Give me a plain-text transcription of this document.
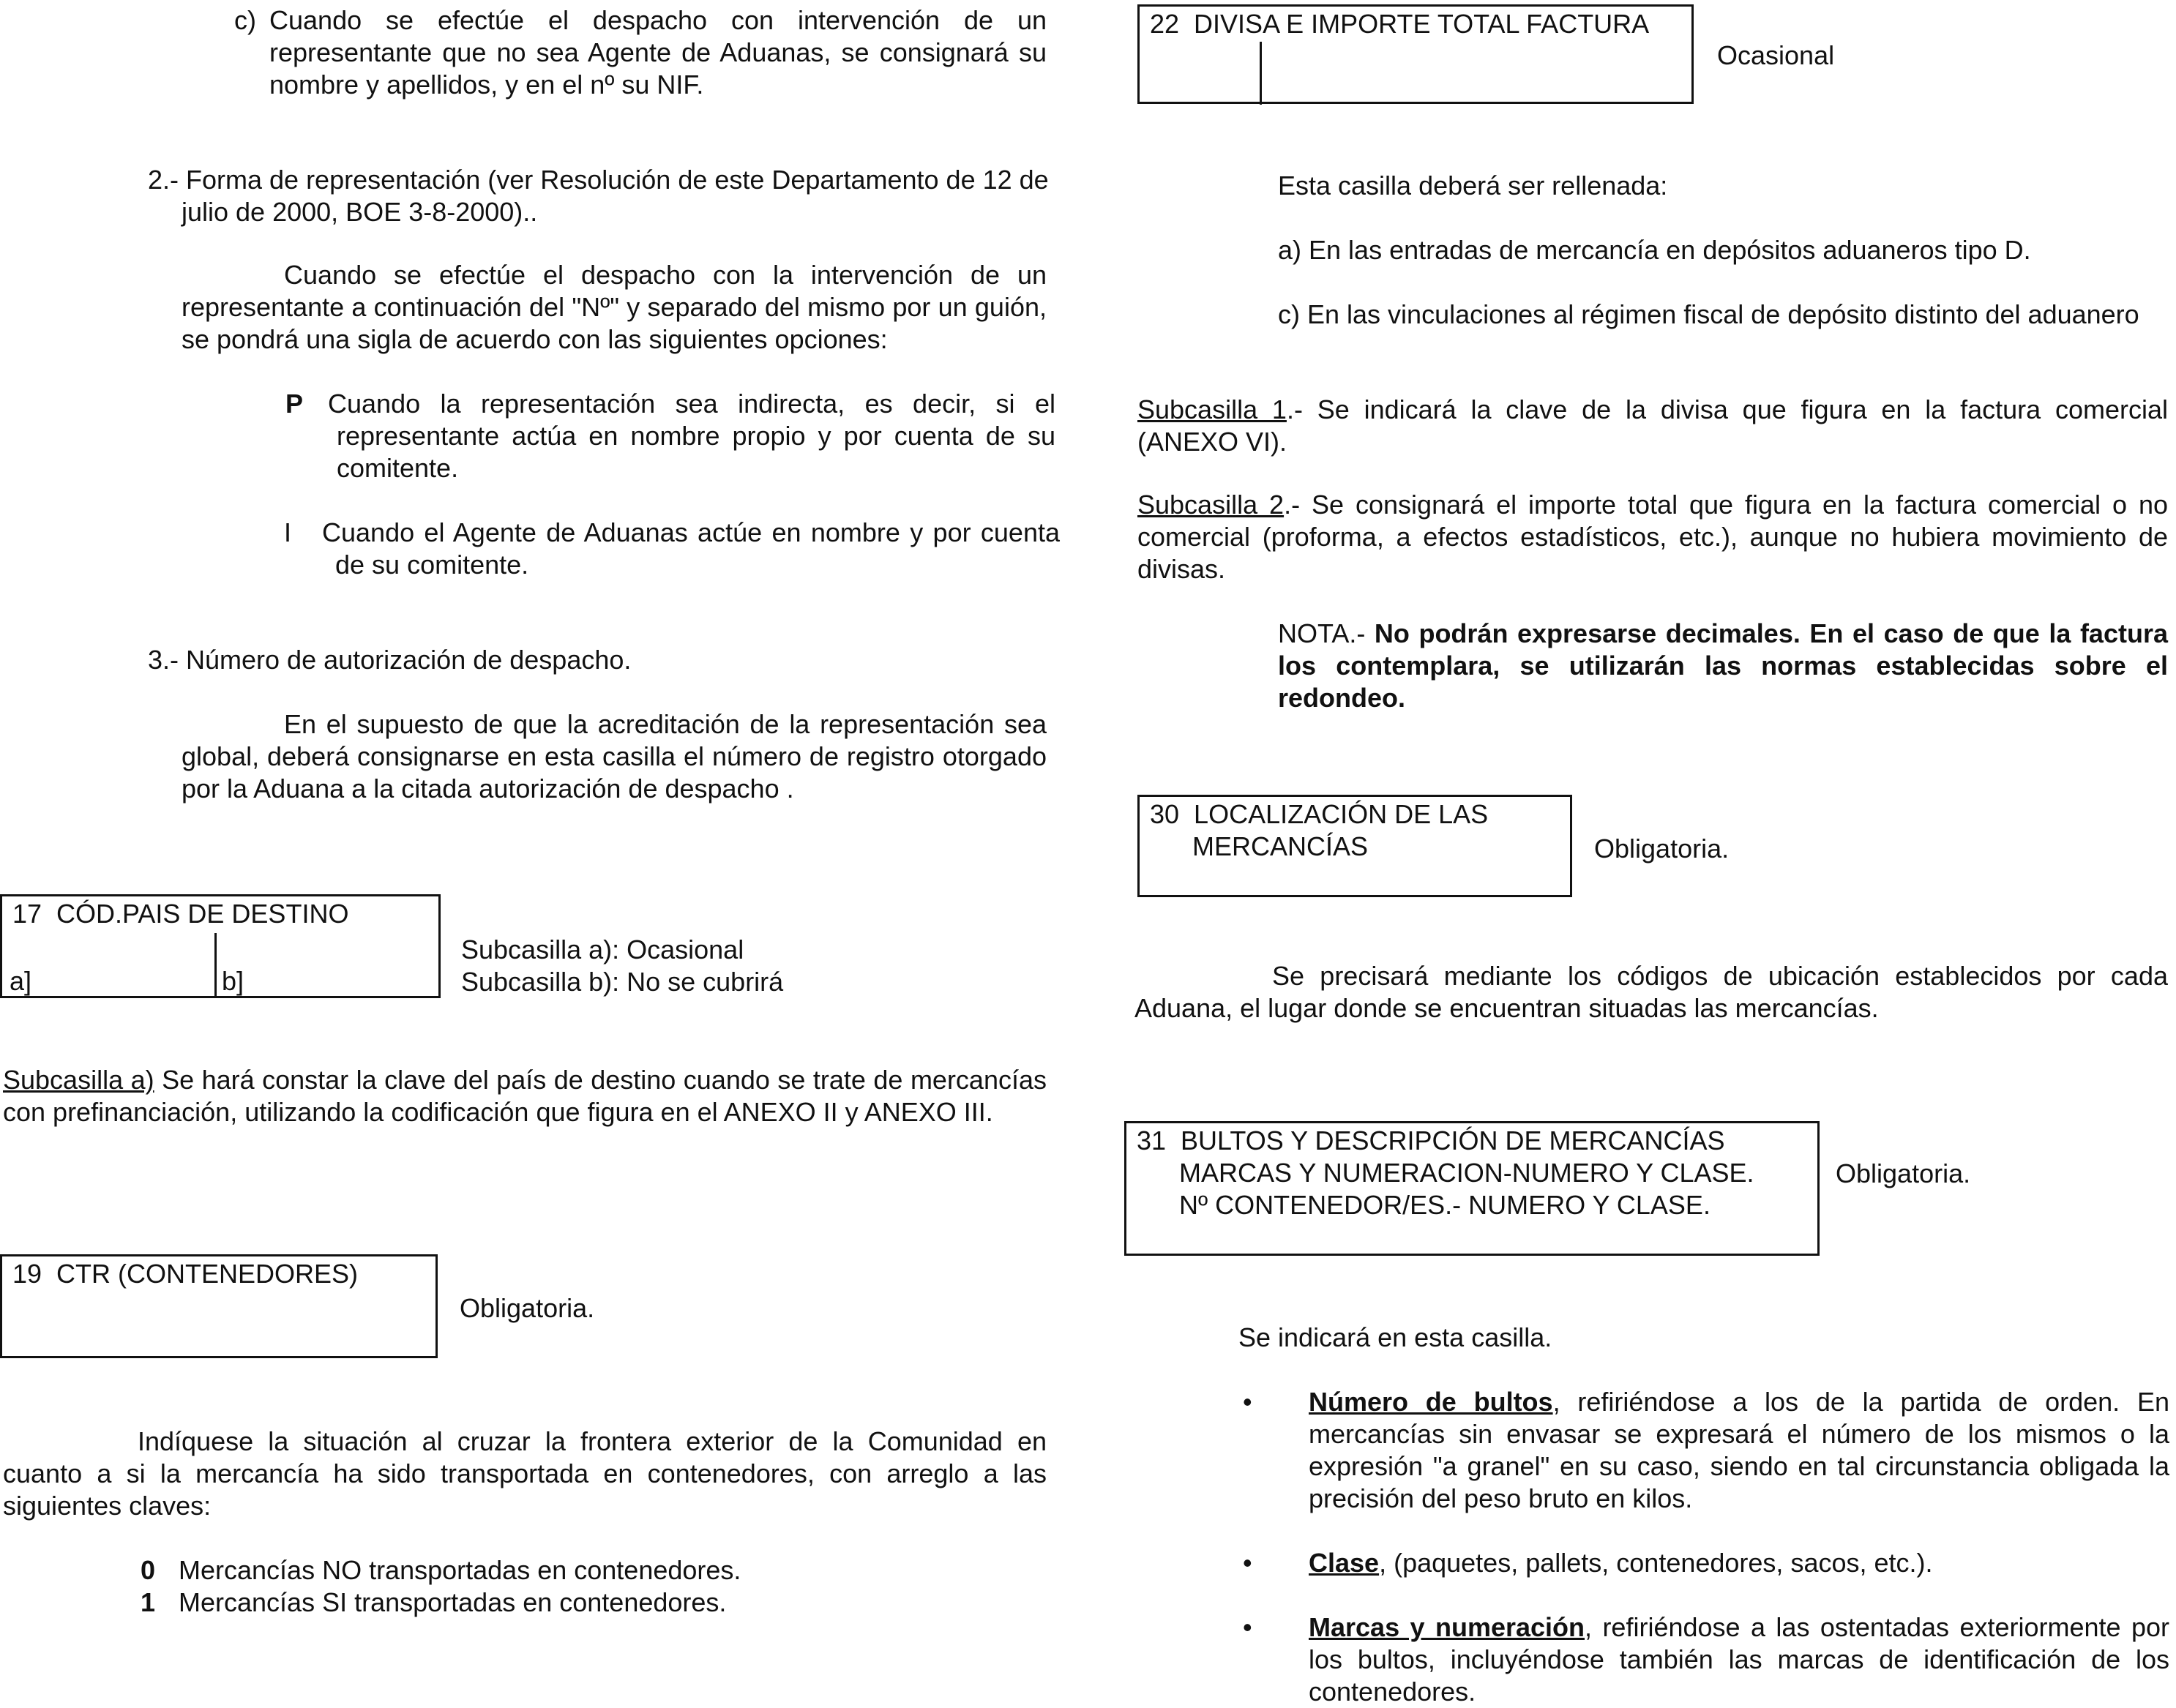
c) Cuando se efectúe el despacho con intervención de un representante que no sea Agente de Aduanas, se consignará su nombre y apellidos, y en el nº su NIF.

2.- Forma de representación (ver Resolución de este Departamento de 12 de julio de 2000, BOE 3-8-2000)..

Cuando se efectúe el despacho con la intervención de un representante a continuación del "Nº" y separado del mismo por un guión, se pondrá una sigla de acuerdo con las siguientes opciones:

P Cuando la representación sea indirecta, es decir, si el representante actúa en nombre propio y por cuenta de su comitente.

I Cuando el Agente de Aduanas actúe en nombre y por cuenta de su comitente.

3.- Número de autorización de despacho.

En el supuesto de que la acreditación de la representación sea global, deberá consignarse en esta casilla el número de registro otorgado por la Aduana a la citada autorización de despacho .

17  CÓD.PAIS DE DESTINO
a]	b]
Subcasilla a): Ocasional
Subcasilla b): No se cubrirá

Subcasilla a) Se hará constar la clave del país de destino cuando se trate de mercancías con prefinanciación, utilizando la codificación que figura en el ANEXO II y ANEXO III.

19  CTR (CONTENEDORES)
Obligatoria.

Indíquese la situación al cruzar la frontera exterior de la Comunidad en cuanto a si la mercancía ha sido transportada en contenedores, con arreglo a las siguientes claves:

0 Mercancías NO transportadas en contenedores.
1 Mercancías SI transportadas en contenedores.
22  DIVISA E IMPORTE TOTAL FACTURA
Ocasional
Esta casilla deberá ser rellenada:
a) En las entradas de mercancía en depósitos aduaneros tipo D.
c) En las vinculaciones al régimen fiscal de depósito distinto del aduanero

Subcasilla 1.- Se indicará la clave de la divisa que figura en la factura comercial (ANEXO VI).

Subcasilla 2.- Se consignará el importe total que figura en la factura comercial o no comercial (proforma, a efectos estadísticos, etc.), aunque no hubiera movimiento de divisas.

NOTA.- No podrán expresarse decimales. En el caso de que la factura los contemplara, se utilizarán las normas establecidas sobre el redondeo.

30  LOCALIZACIÓN DE LAS
MERCANCÍAS	Obligatoria.

Se precisará mediante los códigos de ubicación establecidos por cada Aduana, el lugar donde se encuentran situadas las mercancías.

31  BULTOS Y DESCRIPCIÓN DE MERCANCÍAS
MARCAS Y NUMERACION-NUMERO Y CLASE.
Nº CONTENEDOR/ES.- NUMERO Y CLASE.
Obligatoria.
Se indicará en esta casilla.
• Número de bultos, refiriéndose a los de la partida de orden. En mercancías sin envasar se expresará el número de los mismos o la expresión "a granel" en su caso, siendo en tal circunstancia obligada la precisión del peso bruto en kilos.

• Clase, (paquetes, pallets, contenedores, sacos, etc.).

• Marcas y numeración, refiriéndose a las ostentadas exteriormente por los bultos, incluyéndose también las marcas de identificación de los contenedores.
